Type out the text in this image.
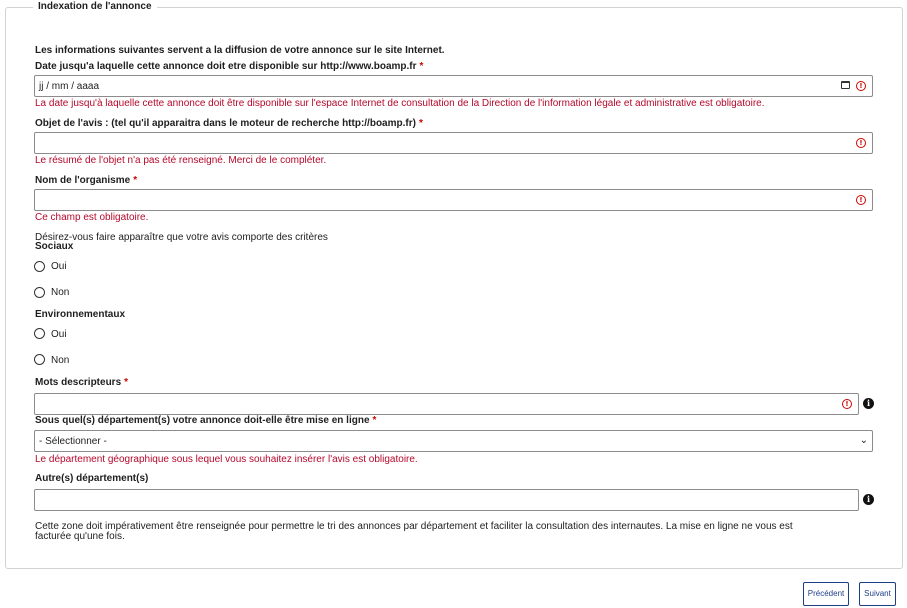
Indexation de l'annonce
Les informations suivantes servent a la diffusion de votre annonce sur le site Internet.
Date jusqu'a laquelle cette annonce doit etre disponible sur http://www.boamp.fr *
jj / mm / aaaa	!
La date jusqu'à laquelle cette annonce doit être disponible sur l'espace Internet de consultation de la Direction de l'information légale et administrative est obligatoire.
Objet de l'avis : (tel qu'il apparaitra dans le moteur de recherche http://boamp.fr) *
!
Le résumé de l'objet n'a pas été renseigné. Merci de le compléter.
Nom de l'organisme *
!
Ce champ est obligatoire.
Désirez-vous faire apparaître que votre avis comporte des critères
Sociaux
Oui
Non
Environnementaux
Oui
Non
Mots descripteurs *
!	i
Sous quel(s) département(s) votre annonce doit-elle être mise en ligne *
- Sélectionner -	⌄
Le département géographique sous lequel vous souhaitez insérer l'avis est obligatoire.
Autre(s) département(s)
i
Cette zone doit impérativement être renseignée pour permettre le tri des annonces par département et faciliter la consultation des internautes. La mise en ligne ne vous est
facturée qu'une fois.
Précédent	Suivant
